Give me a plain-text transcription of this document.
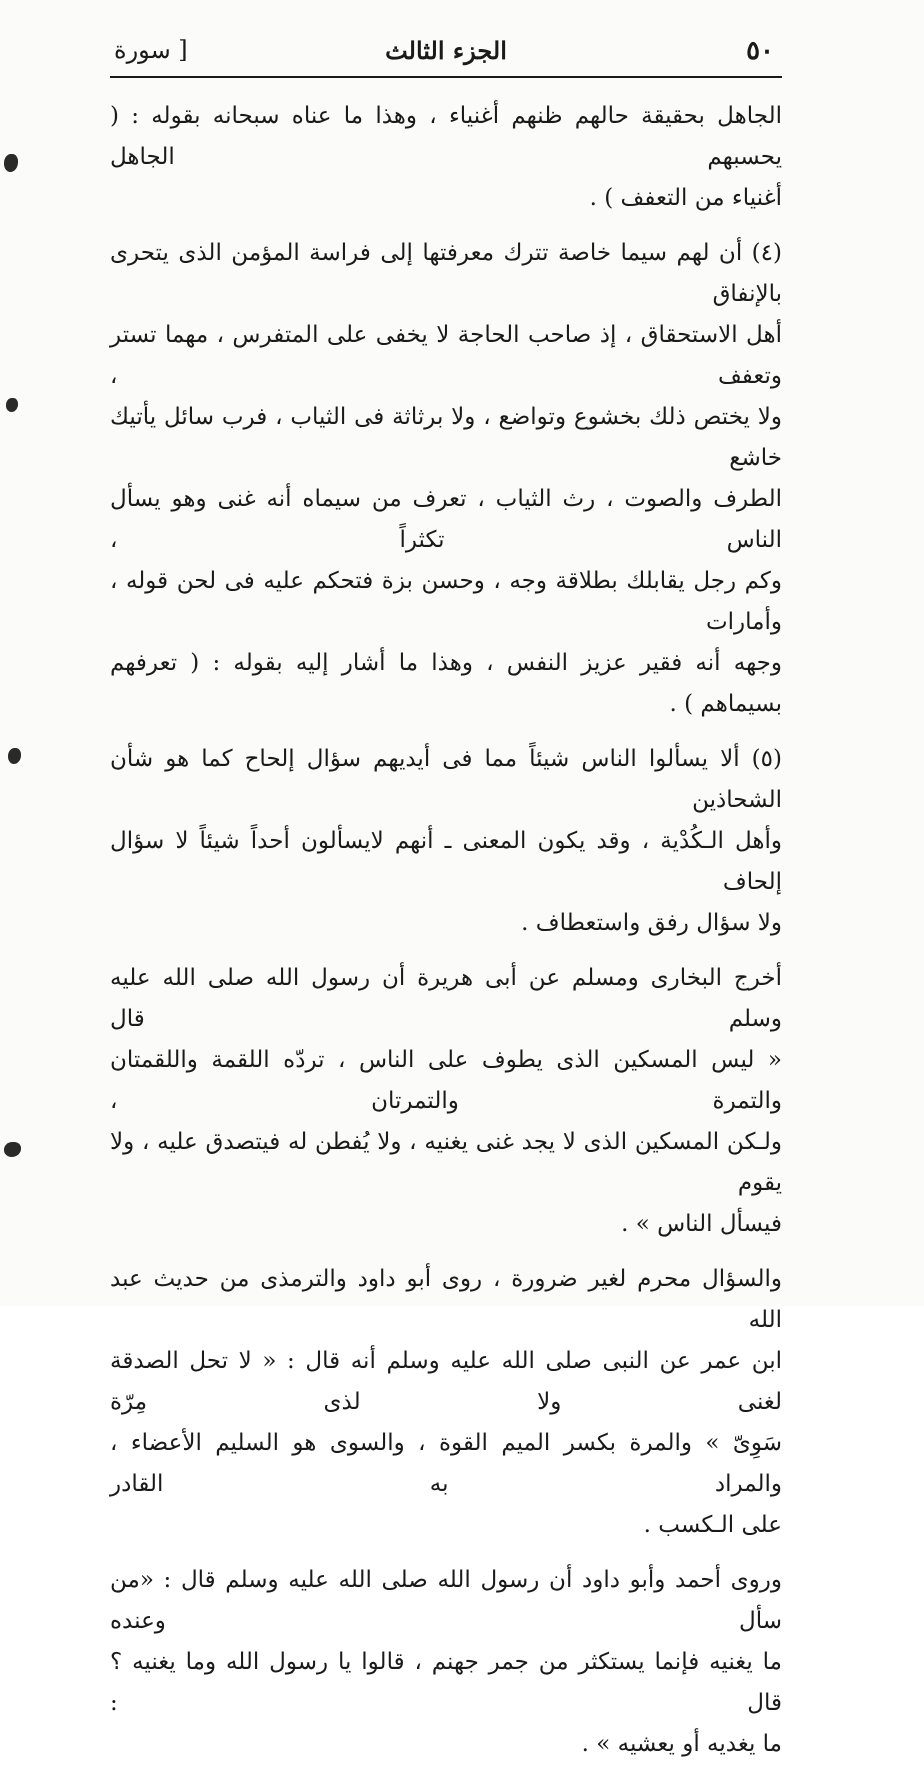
٥٠
الجزء الثالث
[ سورة

الجاهل بحقيقة حالهم ظنهم أغنياء ، وهذا ما عناه سبحانه بقوله : ( يحسبهم الجاهل
أغنياء من التعفف ) .

(٤) أن لهم سيما خاصة تترك معرفتها إلى فراسة المؤمن الذى يتحرى بالإنفاق
أهل الاستحقاق ، إذ صاحب الحاجة لا يخفى على المتفرس ، مهما تستر وتعفف ،
ولا يختص ذلك بخشوع وتواضع ، ولا برثاثة فى الثياب ، فرب سائل يأتيك خاشع
الطرف والصوت ، رث الثياب ، تعرف من سيماه أنه غنى وهو يسأل الناس تكثراً ،
وكم رجل يقابلك بطلاقة وجه ، وحسن بزة فتحكم عليه فى لحن قوله ، وأمارات
وجهه أنه فقير عزيز النفس ، وهذا ما أشار إليه بقوله : ( تعرفهم بسيماهم ) .

(٥) ألا يسألوا الناس شيئاً مما فى أيديهم سؤال إلحاح كما هو شأن الشحاذين
وأهل الـكُدْية ، وقد يكون المعنى ـ أنهم لايسألون أحداً شيئاً لا سؤال إلحاف
ولا سؤال رفق واستعطاف .

أخرج البخارى ومسلم عن أبى هريرة أن رسول الله صلى الله عليه وسلم قال
« ليس المسكين الذى يطوف على الناس ، تردّه اللقمة واللقمتان والتمرة والتمرتان ،
ولـكن المسكين الذى لا يجد غنى يغنيه ، ولا يُفطن له فيتصدق عليه ، ولا يقوم
فيسأل الناس » .

والسؤال محرم لغير ضرورة ، روى أبو داود والترمذى من حديث عبد الله
ابن عمر عن النبى صلى الله عليه وسلم أنه قال : « لا تحل الصدقة لغنى ولا لذى مِرّة
سَوِىّ » والمرة بكسر الميم القوة ، والسوى هو السليم الأعضاء ، والمراد به القادر
على الـكسب .

وروى أحمد وأبو داود أن رسول الله صلى الله عليه وسلم قال : «من سأل وعنده
ما يغنيه فإنما يستكثر من جمر جهنم ، قالوا يا رسول الله وما يغنيه ؟ قال :
ما يغديه أو يعشيه » .
